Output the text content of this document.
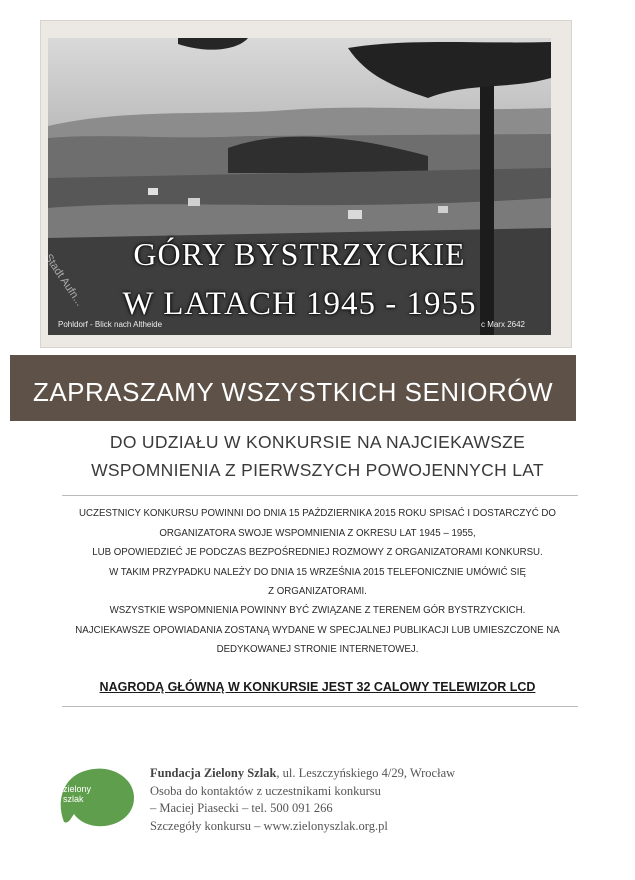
Stadt Aufn...	GÓRY BYSTRZYCKIE
W LATACH 1945 - 1955
Pohldorf - Blick nach Altheide	c Marx 2642
ZAPRASZAMY WSZYSTKICH SENIORÓW
DO UDZIAŁU W KONKURSIE NA NAJCIEKAWSZE
WSPOMNIENIA Z PIERWSZYCH POWOJENNYCH LAT
UCZESTNICY KONKURSU POWINNI DO DNIA 15 PAŹDZIERNIKA 2015 ROKU SPISAĆ I DOSTARCZYĆ DO
ORGANIZATORA SWOJE WSPOMNIENIA Z OKRESU LAT 1945 – 1955,
LUB OPOWIEDZIEĆ JE PODCZAS BEZPOŚREDNIEJ ROZMOWY Z ORGANIZATORAMI KONKURSU.
W TAKIM PRZYPADKU NALEŻY DO DNIA 15 WRZEŚNIA 2015 TELEFONICZNIE UMÓWIĆ SIĘ
Z ORGANIZATORAMI.
WSZYSTKIE WSPOMNIENIA POWINNY BYĆ ZWIĄZANE Z TERENEM GÓR BYSTRZYCKICH.
NAJCIEKAWSZE OPOWIADANIA ZOSTANĄ WYDANE W SPECJALNEJ PUBLIKACJI LUB UMIESZCZONE NA
DEDYKOWANEJ STRONIE INTERNETOWEJ.
NAGRODĄ GŁÓWNĄ W KONKURSIE JEST 32 CALOWY TELEWIZOR LCD
zielony
szlak
Fundacja Zielony Szlak, ul. Leszczyńskiego 4/29, Wrocław
Osoba do kontaktów z uczestnikami konkursu
– Maciej Piasecki – tel. 500 091 266
Szczegóły konkursu – www.zielonyszlak.org.pl
